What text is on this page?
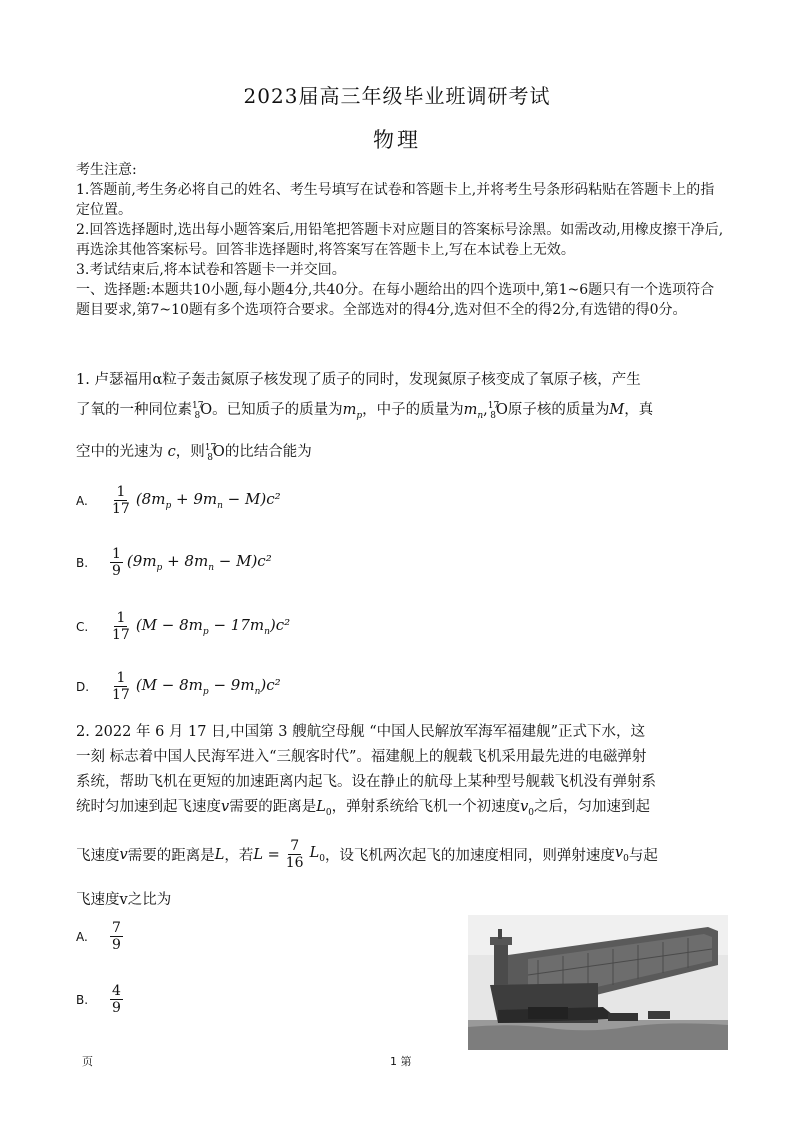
2023届高三年级毕业班调研考试
物理

考生注意:

1.答题前,考生务必将自己的姓名、考生号填写在试卷和答题卡上,并将考生号条形码粘贴在答题卡上的指定位置。

2.回答选择题时,选出每小题答案后,用铅笔把答题卡对应题目的答案标号涂黑。如需改动,用橡皮擦干净后,再选涂其他答案标号。回答非选择题时,将答案写在答题卡上,写在本试卷上无效。

3.考试结束后,将本试卷和答题卡一并交回。

一、选择题:本题共10小题,每小题4分,共40分。在每小题给出的四个选项中,第1~6题只有一个选项符合题目要求,第7~10题有多个选项符合要求。全部选对的得4分,选对但不全的得2分,有选错的得0分。

1. 卢瑟福用α粒子轰击氮原子核发现了质子的同时，发现氮原子核变成了氧原子核，产生
了氧的一种同位素$^{17}_8$O。已知质子的质量为$m_p$，中子的质量为$m_n,^{17}_8O$原子核的质量为M，真
空中的光速为 c，则$^{17}_8$O的比结合能为
A.	$\frac{1}{17} (8m_p + 9m_n - M)c^2$
B.	$\frac{1}{9} (9m_p + 8m_n - M)c^2$
C.	$\frac{1}{17} (M - 8m_p - 17m_n)c^2$
D.	$\frac{1}{17} (M - 8m_p - 9m_n)c^2$
2. 2022 年 6 月 17 日,中国第 3 艘航空母舰 “中国人民解放军海军福建舰”正式下水，这
一刻 标志着中国人民海军进入“三舰客时代”。福建舰上的舰载飞机采用最先进的电磁弹射
系统，帮助飞机在更短的加速距离内起飞。设在静止的航母上某种型号舰载飞机没有弹射系
统时匀加速到起飞速度v需要的距离是$L_0$，弹射系统给飞机一个初速度$v_0$之后，匀加速到起
飞速度 v 需要的距离是 L ，若 $L = \frac{7}{16} L_0$ ，设飞机两次起飞的加速度相同，则弹射速度 $v_0$ 与起
飞速度v之比为
A.	$\frac{7}{9}$
B.	$\frac{4}{9}$
页	1 第
